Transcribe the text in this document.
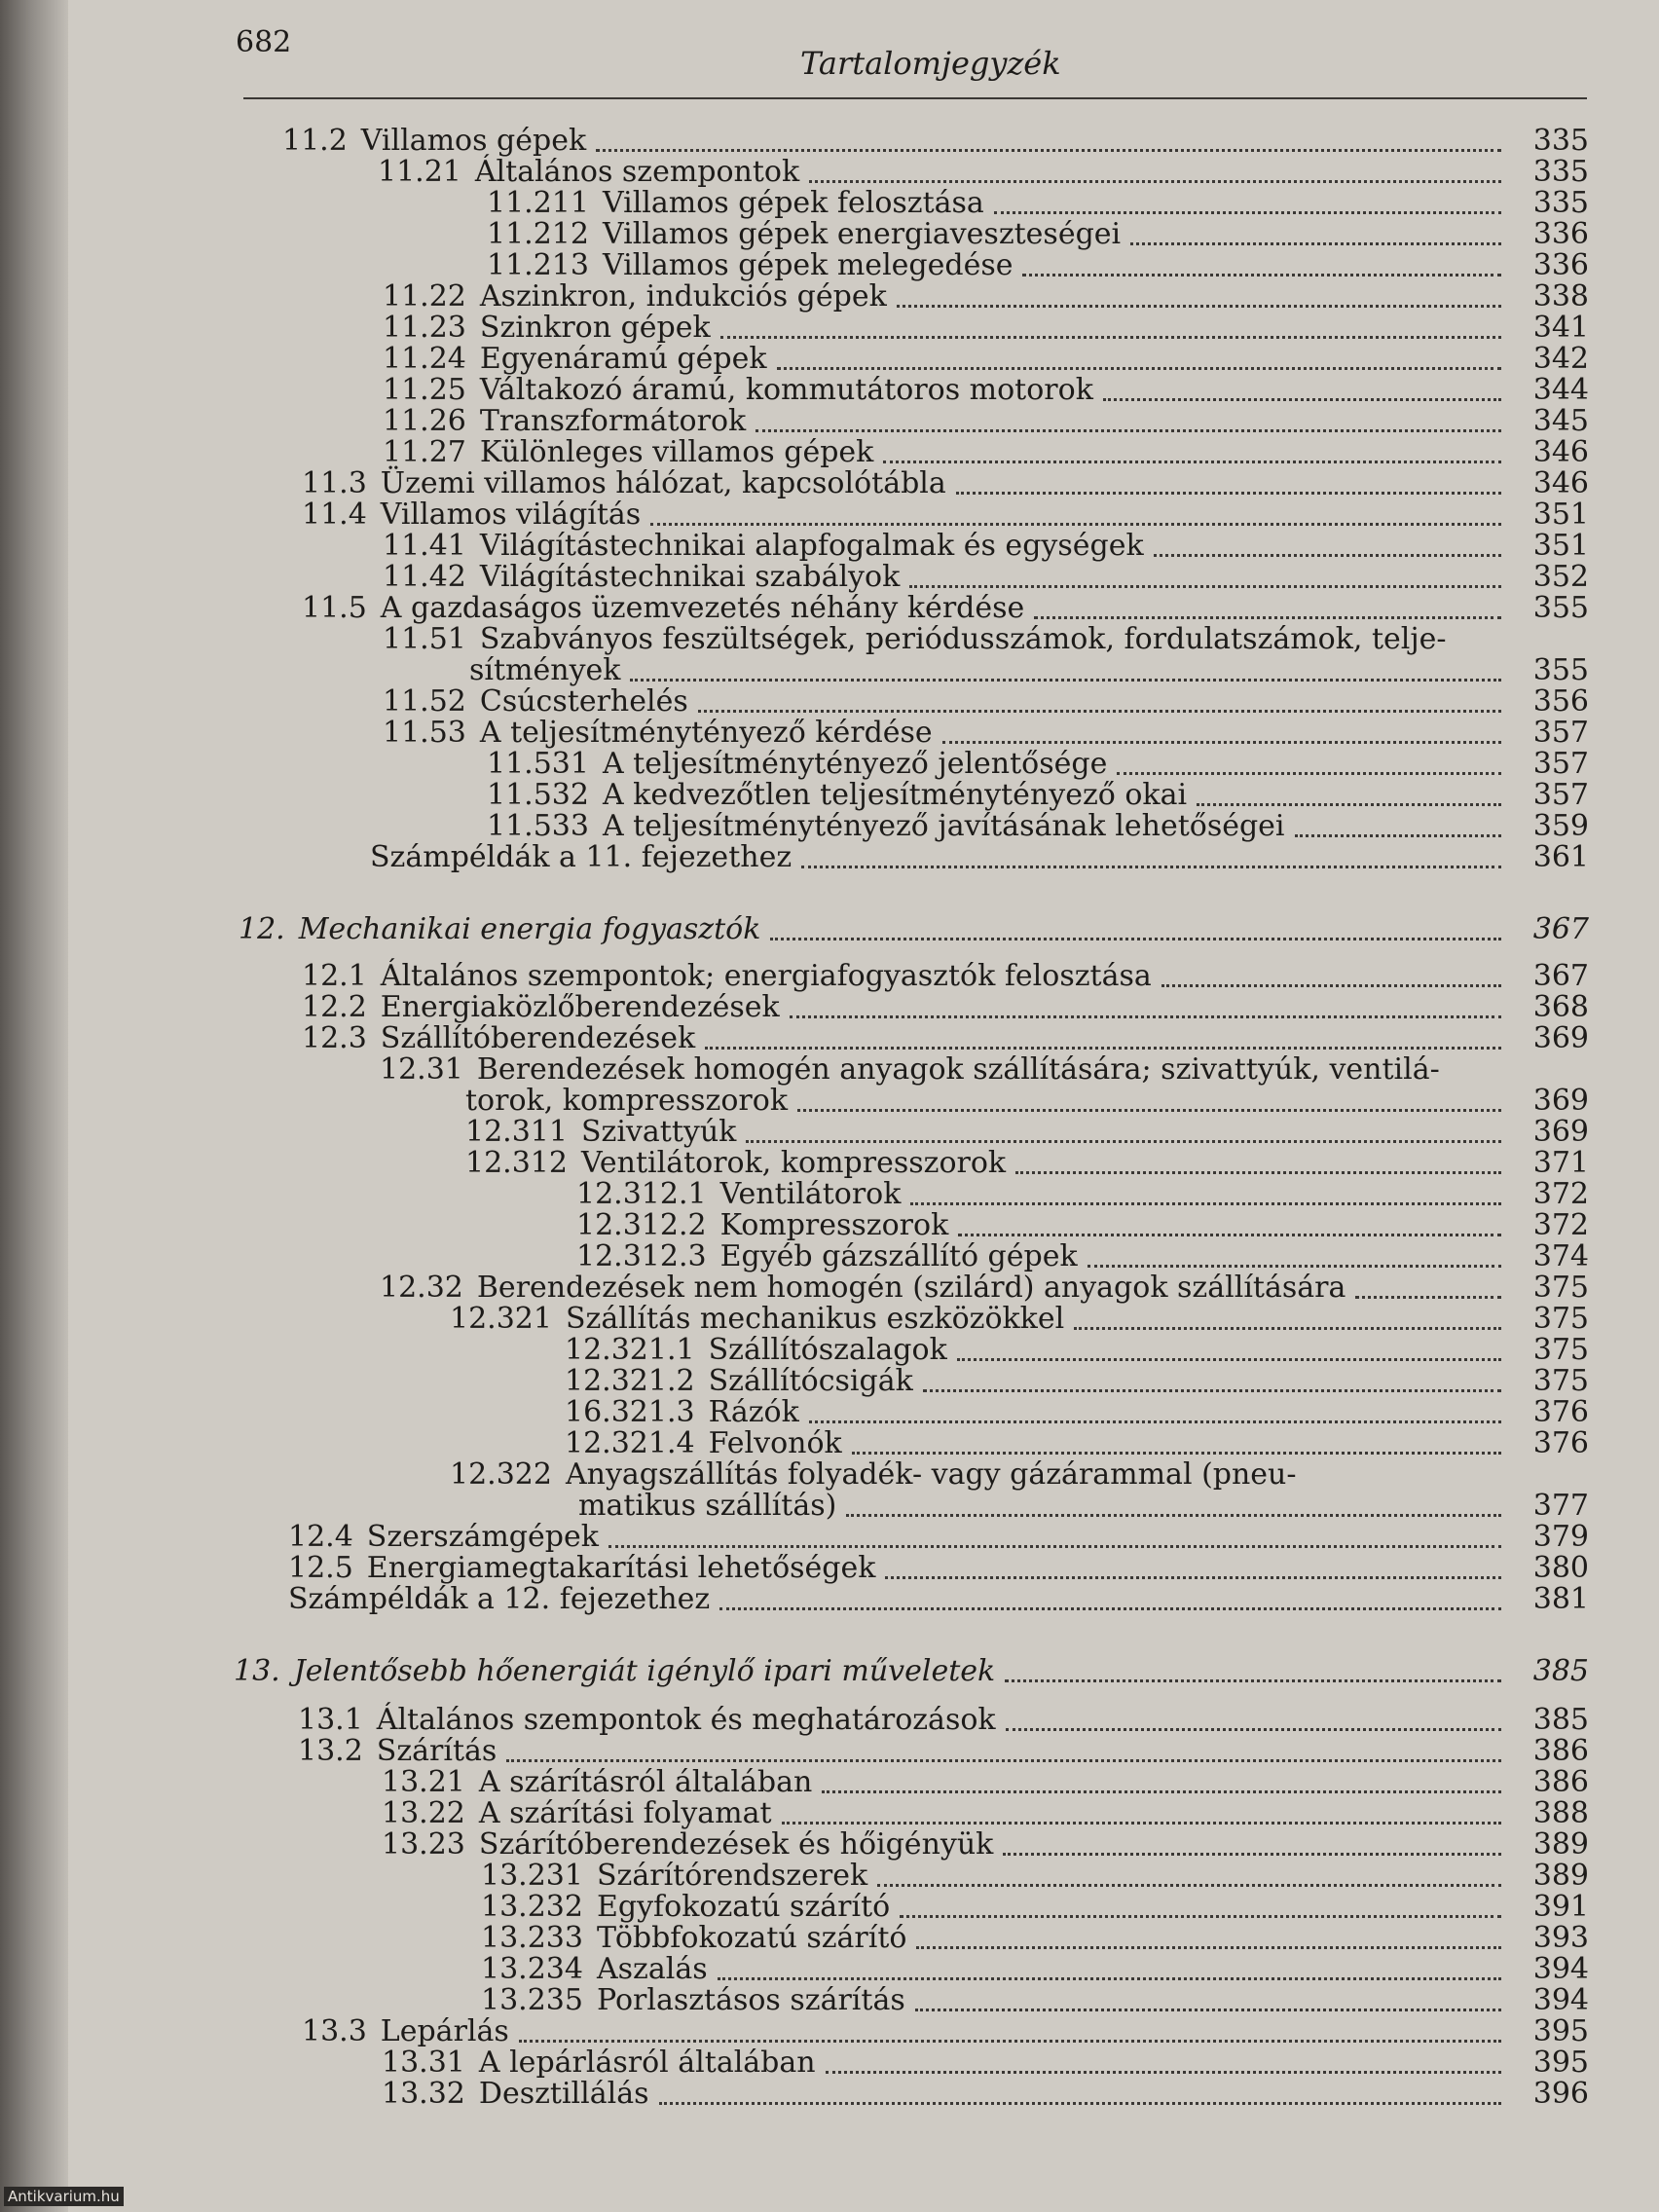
682
Tartalomjegyzék
11.2 Villamos gépek	335
11.21 Általános szempontok	335
11.211 Villamos gépek felosztása	335
11.212 Villamos gépek energiaveszteségei	336
11.213 Villamos gépek melegedése	336
11.22 Aszinkron, indukciós gépek	338
11.23 Szinkron gépek	341
11.24 Egyenáramú gépek	342
11.25 Váltakozó áramú, kommutátoros motorok	344
11.26 Transzformátorok	345
11.27 Különleges villamos gépek	346
11.3 Üzemi villamos hálózat, kapcsolótábla	346
11.4 Villamos világítás	351
11.41 Világítástechnikai alapfogalmak és egységek	351
11.42 Világítástechnikai szabályok	352
11.5 A gazdaságos üzemvezetés néhány kérdése	355
11.51 Szabványos feszültségek, periódusszámok, fordulatszámok, telje-
sítmények	355
11.52 Csúcsterhelés	356
11.53 A teljesítménytényező kérdése	357
11.531 A teljesítménytényező jelentősége	357
11.532 A kedvezőtlen teljesítménytényező okai	357
11.533 A teljesítménytényező javításának lehetőségei	359
Számpéldák a 11. fejezethez	361
12. Mechanikai energia fogyasztók	367
12.1 Általános szempontok; energiafogyasztók felosztása	367
12.2 Energiaközlőberendezések	368
12.3 Szállítóberendezések	369
12.31 Berendezések homogén anyagok szállítására; szivattyúk, ventilá-
torok, kompresszorok	369
12.311 Szivattyúk	369
12.312 Ventilátorok, kompresszorok	371
12.312.1 Ventilátorok	372
12.312.2 Kompresszorok	372
12.312.3 Egyéb gázszállító gépek	374
12.32 Berendezések nem homogén (szilárd) anyagok szállítására	375
12.321 Szállítás mechanikus eszközökkel	375
12.321.1 Szállítószalagok	375
12.321.2 Szállítócsigák	375
16.321.3 Rázók	376
12.321.4 Felvonók	376
12.322 Anyagszállítás folyadék- vagy gázárammal (pneu-
matikus szállítás)	377
12.4 Szerszámgépek	379
12.5 Energiamegtakarítási lehetőségek	380
Számpéldák a 12. fejezethez	381
13. Jelentősebb hőenergiát igénylő ipari műveletek	385
13.1 Általános szempontok és meghatározások	385
13.2 Szárítás	386
13.21 A szárításról általában	386
13.22 A szárítási folyamat	388
13.23 Szárítóberendezések és hőigényük	389
13.231 Szárítórendszerek	389
13.232 Egyfokozatú szárító	391
13.233 Többfokozatú szárító	393
13.234 Aszalás	394
13.235 Porlasztásos szárítás	394
13.3 Lepárlás	395
13.31 A lepárlásról általában	395
13.32 Desztillálás	396
Antikvarium.hu
